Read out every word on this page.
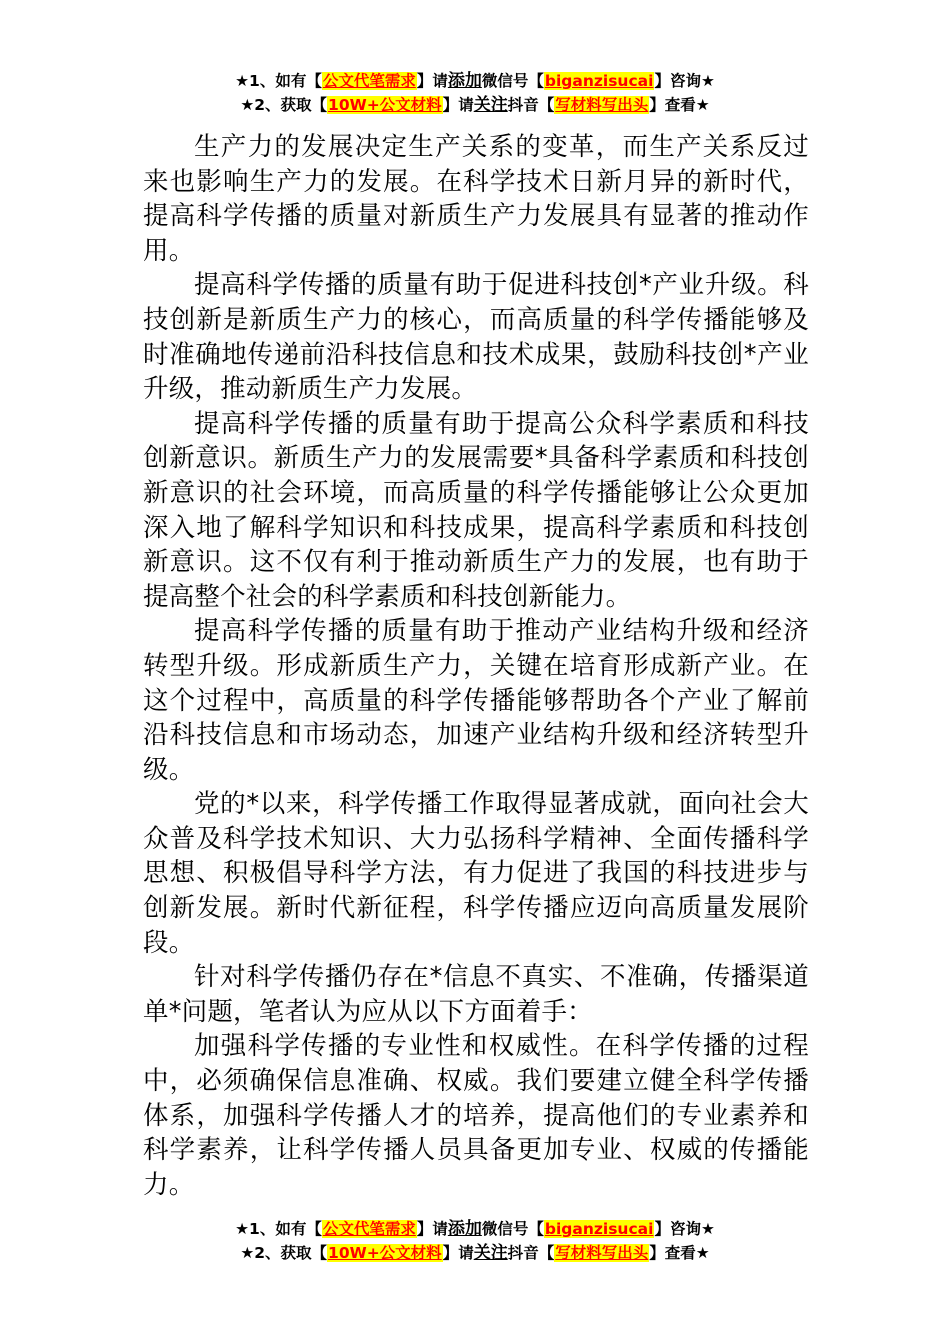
★1、如有【公文代笔需求】请添加微信号【biganzisucai】咨询★
★2、获取【10W+公文材料】请关注抖音【写材料写出头】查看★

生产力的发展决定生产关系的变革，而生产关系反过来也影响生产力的发展。在科学技术日新月异的新时代，提高科学传播的质量对新质生产力发展具有显著的推动作用。

提高科学传播的质量有助于促进科技创*产业升级。科技创新是新质生产力的核心，而高质量的科学传播能够及时准确地传递前沿科技信息和技术成果，鼓励科技创*产业升级，推动新质生产力发展。

提高科学传播的质量有助于提高公众科学素质和科技创新意识。新质生产力的发展需要*具备科学素质和科技创新意识的社会环境，而高质量的科学传播能够让公众更加深入地了解科学知识和科技成果，提高科学素质和科技创新意识。这不仅有利于推动新质生产力的发展，也有助于提高整个社会的科学素质和科技创新能力。

提高科学传播的质量有助于推动产业结构升级和经济转型升级。形成新质生产力，关键在培育形成新产业。在这个过程中，高质量的科学传播能够帮助各个产业了解前沿科技信息和市场动态，加速产业结构升级和经济转型升级。

党的*以来，科学传播工作取得显著成就，面向社会大众普及科学技术知识、大力弘扬科学精神、全面传播科学思想、积极倡导科学方法，有力促进了我国的科技进步与创新发展。新时代新征程，科学传播应迈向高质量发展阶段。

针对科学传播仍存在*信息不真实、不准确，传播渠道单*问题，笔者认为应从以下方面着手：

加强科学传播的专业性和权威性。在科学传播的过程中，必须确保信息准确、权威。我们要建立健全科学传播体系，加强科学传播人才的培养，提高他们的专业素养和科学素养，让科学传播人员具备更加专业、权威的传播能力。

★1、如有【公文代笔需求】请添加微信号【biganzisucai】咨询★
★2、获取【10W+公文材料】请关注抖音【写材料写出头】查看★
